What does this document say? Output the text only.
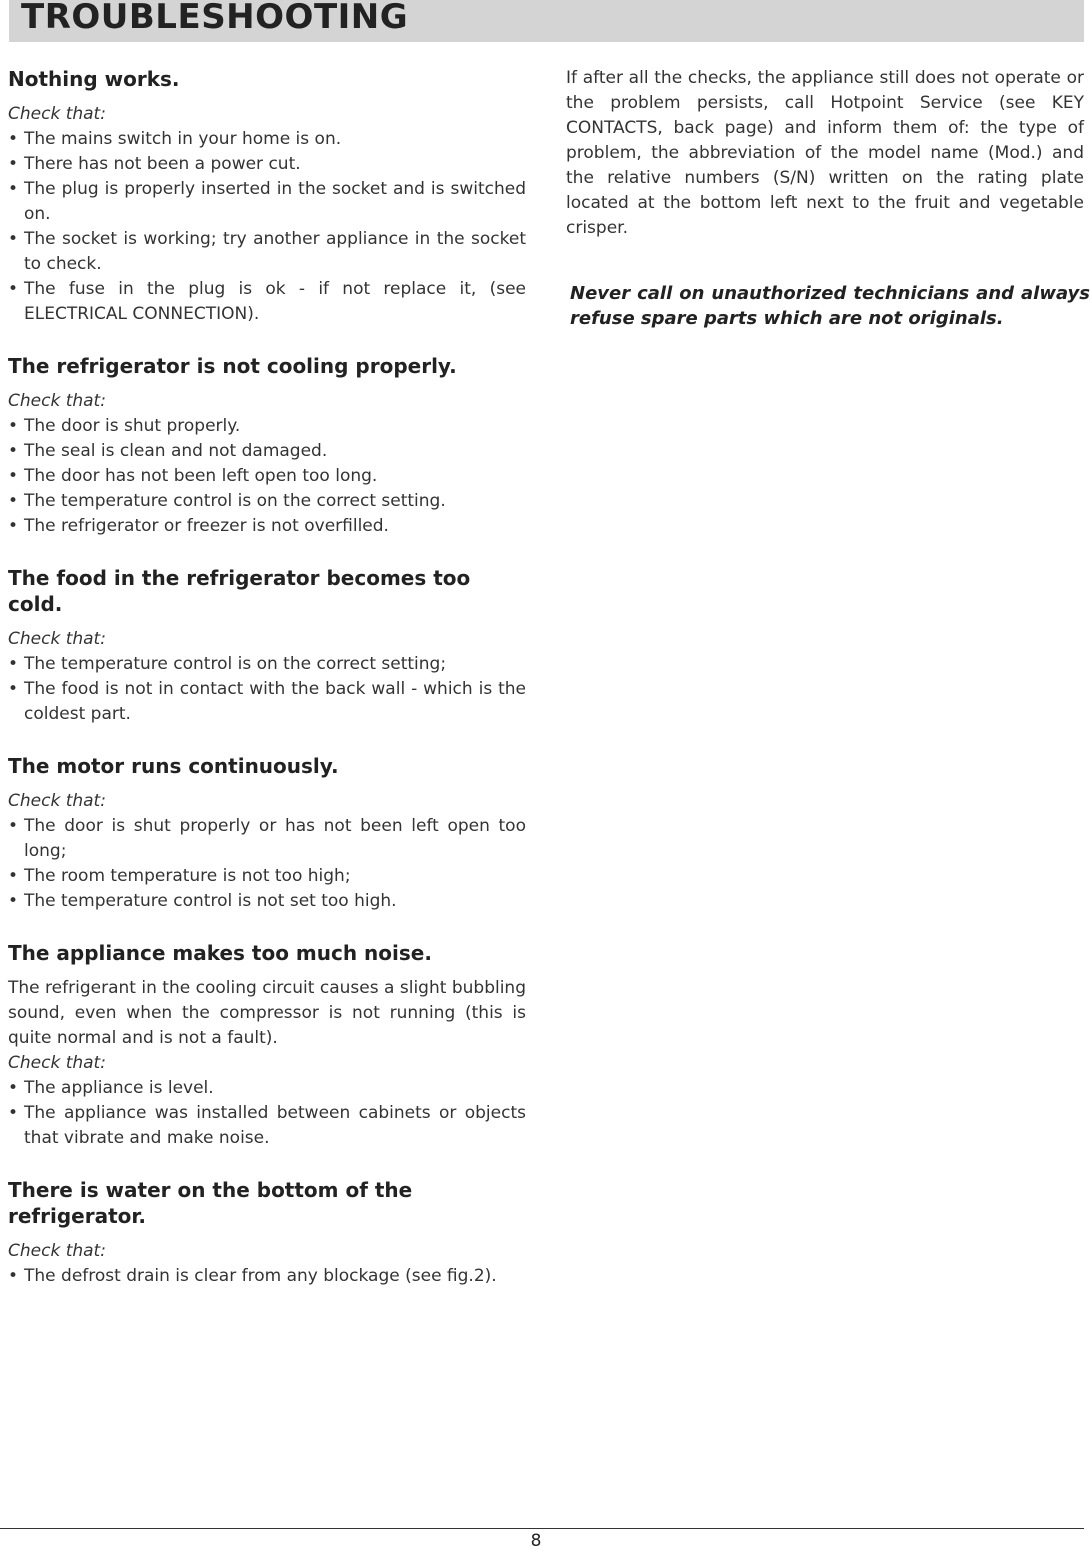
TROUBLESHOOTING
Nothing works.
Check that:
• The mains switch in your home is on.
• There has not been a power cut.
• The plug is properly inserted in the socket and is switched on.
• The socket is working; try another appliance in the socket to check.
• The fuse in the plug is ok - if not replace it, (see ELECTRICAL CONNECTION).
The refrigerator is not cooling properly.
Check that:
• The door is shut properly.
• The seal is clean and not damaged.
• The door has not been left open too long.
• The temperature control is on the correct setting.
• The refrigerator or freezer is not overfilled.
The food in the refrigerator becomes too cold.
Check that:
• The temperature control is on the correct setting;
• The food is not in contact with the back wall - which is the coldest part.
The motor runs continuously.
Check that:
• The door is shut properly or has not been left open too long;
• The room temperature is not too high;
• The temperature control is not set too high.
The appliance makes too much noise.

The refrigerant in the cooling circuit causes a slight bubbling sound, even when the compressor is not running (this is quite normal and is not a fault).

Check that:
• The appliance is level.
• The appliance was installed between cabinets or objects that vibrate and make noise.
There is water on the bottom of the refrigerator.
Check that:
• The defrost drain is clear from any blockage (see fig.2).

If after all the checks, the appliance still does not operate or the problem persists, call Hotpoint Service (see KEY CONTACTS, back page) and inform them of: the type of problem, the abbreviation of the model name (Mod.) and the relative numbers (S/N) written on the rating plate located at the bottom left next to the fruit and vegetable crisper.

Never call on unauthorized technicians and always refuse spare parts which are not originals.

8
